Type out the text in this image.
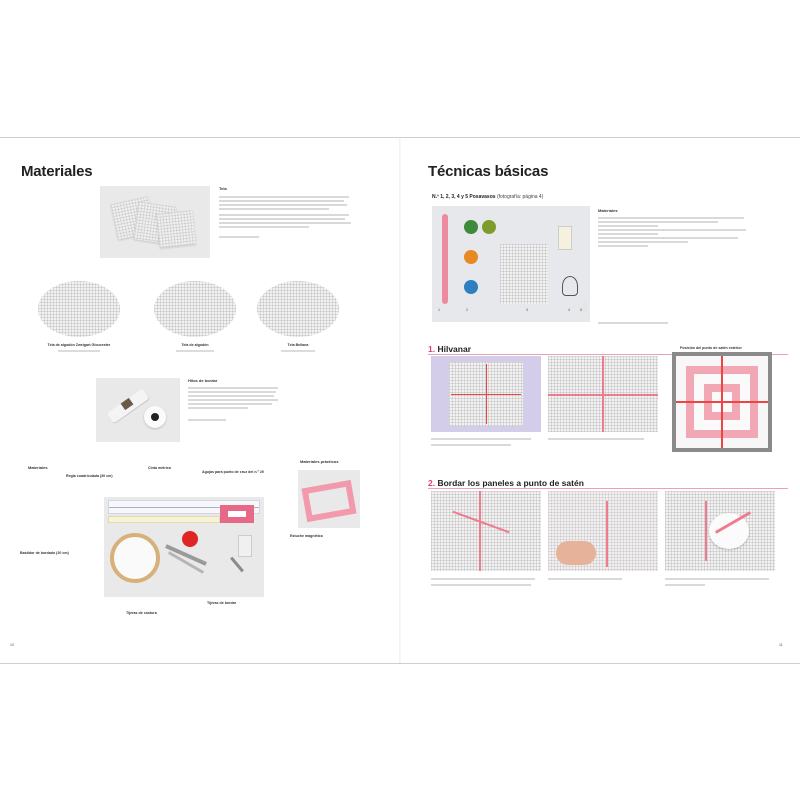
Materiales
Tela
Tela de algodón Zweigart Gloucester	Tela de algodón	Tela Bellana
Hilos de bordar
Materiales
Materiales prácticos
Regla cuadriculada (30 cm)
Cinta métrica
Agujas para punto de cruz del n.º 20
Bastidor de bordado (20 cm)
Tijeras de costura
Tijeras de bordar
Estuche magnético
10
Técnicas básicas
N.º 1, 2, 3, 4 y 5 Posavasos (fotografía: página 4)
1	2	3	4	5
Materiales
1. Hilvanar	Posición del punto de satén exterior
2. Bordar los paneles a punto de satén
11
